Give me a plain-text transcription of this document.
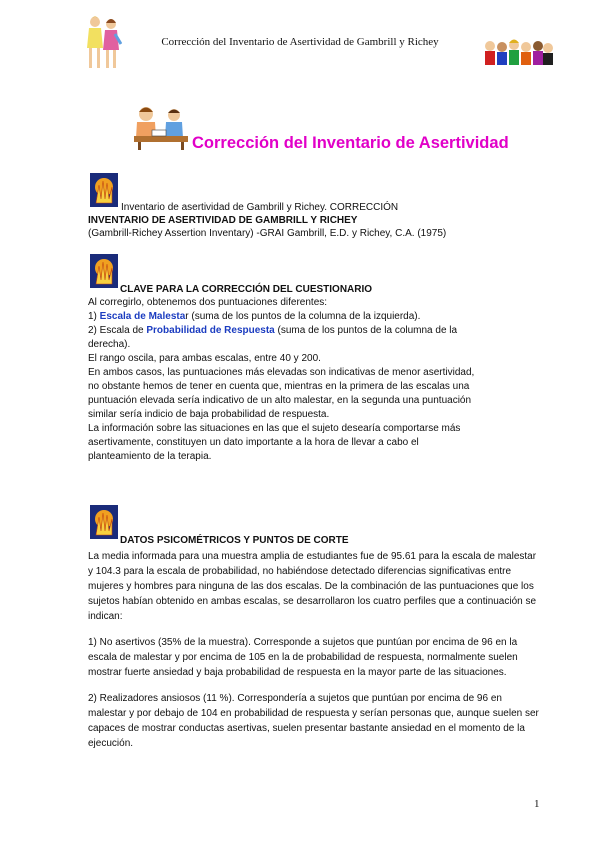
Corrección del Inventario de Asertividad de Gambrill y Richey
Corrección del Inventario de Asertividad
Inventario de asertividad de Gambrill y Richey. CORRECCIÓN
INVENTARIO DE ASERTIVIDAD DE GAMBRILL Y RICHEY
(Gambrill-Richey Assertion Inventary) -GRAI Gambrill, E.D. y Richey, C.A. (1975)
CLAVE PARA LA CORRECCIÓN DEL CUESTIONARIO
Al corregirlo, obtenemos dos puntuaciones diferentes:
1) Escala de Malestar (suma de los puntos de la columna de la izquierda).
2) Escala de Probabilidad de Respuesta (suma de los puntos de la columna de la
derecha).
El rango oscila, para ambas escalas, entre 40 y 200.
En ambos casos, las puntuaciones más elevadas son indicativas de menor asertividad,
no obstante hemos de tener en cuenta que, mientras en la primera de las escalas una
puntuación elevada sería indicativo de un alto malestar, en la segunda una puntuación
similar sería indicio de baja probabilidad de respuesta.
La información sobre las situaciones en las que el sujeto desearía comportarse más
asertivamente, constituyen un dato importante a la hora de llevar a cabo el
planteamiento de la terapia.
DATOS PSICOMÉTRICOS Y PUNTOS DE CORTE
La media informada para una muestra amplia de estudiantes fue de 95.61 para la escala de malestar
y 104.3 para la escala de probabilidad, no habiéndose detectado diferencias significativas entre
mujeres y hombres para ninguna de las dos escalas. De la combinación de las puntuaciones que los
sujetos habían obtenido en ambas escalas, se desarrollaron los cuatro perfiles que a continuación se
indican:
1) No asertivos (35% de la muestra). Corresponde a sujetos que puntúan por encima de 96 en la
escala de malestar y por encima de 105 en la de probabilidad de respuesta, normalmente suelen
mostrar fuerte ansiedad y baja probabilidad de respuesta en la mayor parte de las situaciones.
2) Realizadores ansiosos (11 %). Correspondería a sujetos que puntúan por encima de 96 en
malestar y por debajo de 104 en probabilidad de respuesta y serían personas que, aunque suelen ser
capaces de mostrar conductas asertivas, suelen presentar bastante ansiedad en el momento de la
ejecución.
1
